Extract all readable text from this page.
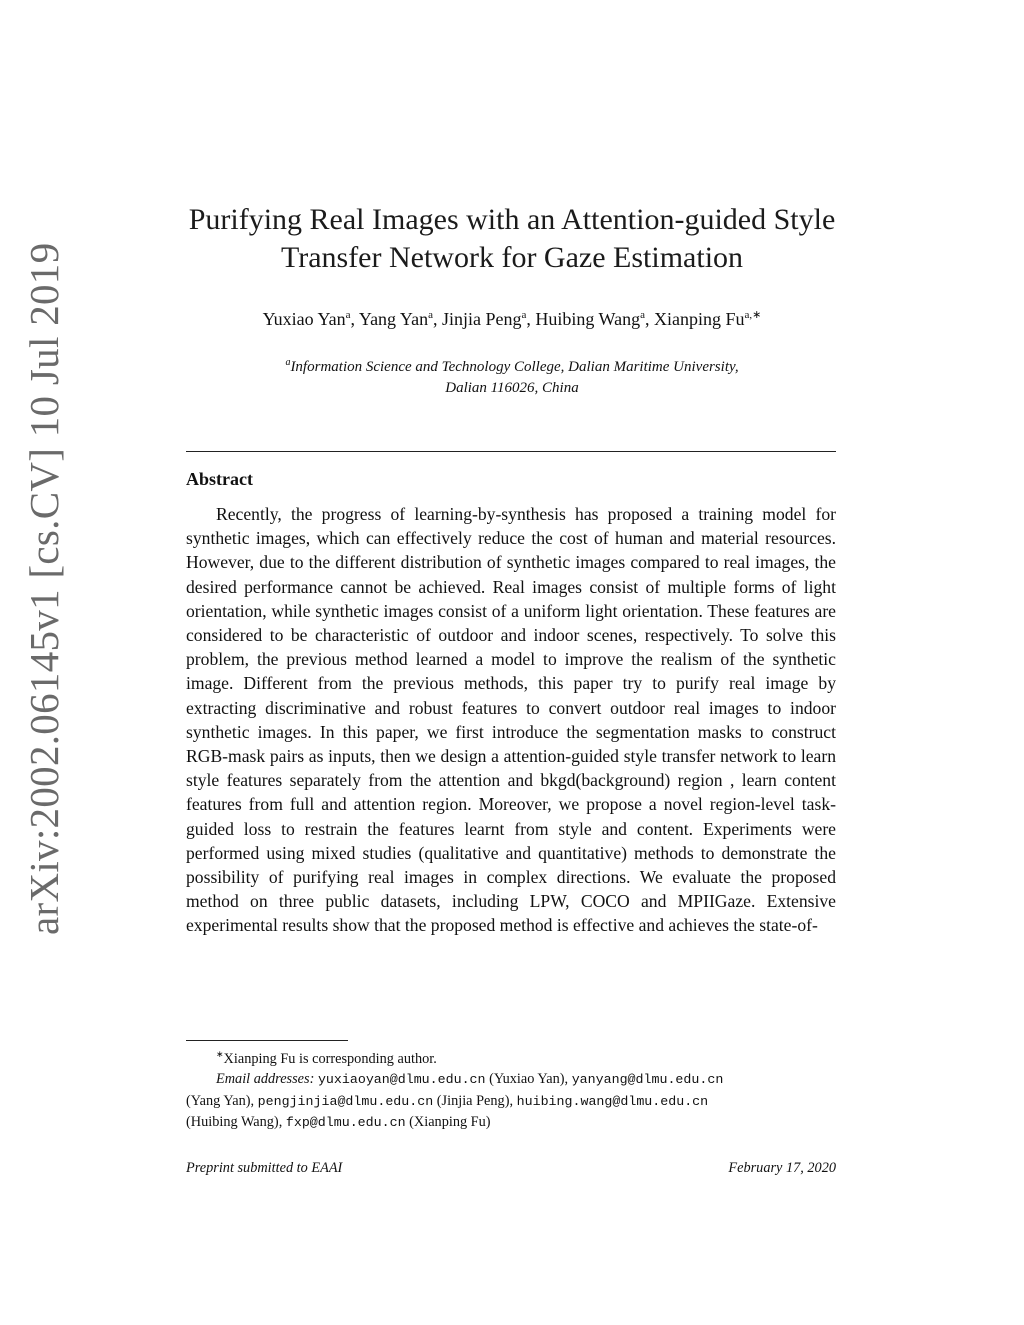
arXiv:2002.06145v1 [cs.CV] 10 Jul 2019
Purifying Real Images with an Attention-guided Style
Transfer Network for Gaze Estimation
Yuxiao Yan$^a$, Yang Yan$^a$, Jinjia Peng$^a$, Huibing Wang$^a$, Xianping $Fu^{a,∗}$
$^a$Information Science and Technology College, Dalian Maritime University,
Dalian 116026, China
Abstract

Recently, the progress of learning-by-synthesis has proposed a training model for synthetic images, which can effectively reduce the cost of human and material resources. However, due to the different distribution of synthetic images compared to real images, the desired performance cannot be achieved. Real images consist of multiple forms of light orientation, while synthetic images consist of a uniform light orientation. These features are considered to be characteristic of outdoor and indoor scenes, respectively. To solve this problem, the previous method learned a model to improve the realism of the synthetic image. Different from the previous methods, this paper try to purify real image by extracting discriminative and robust features to convert outdoor real images to indoor synthetic images. In this paper, we first introduce the segmentation masks to construct RGB-mask pairs as inputs, then we design a attention-guided style transfer network to learn style features separately from the attention and bkgd(background) region , learn content features from full and attention region. Moreover, we propose a novel region-level task-guided loss to restrain the features learnt from style and content. Experiments were performed using mixed studies (qualitative and quantitative) methods to demonstrate the possibility of purifying real images in complex directions. We evaluate the proposed method on three public datasets, including LPW, COCO and MPIIGaze. Extensive experimental results show that the proposed method is effective and achieves the state-of-

∗Xianping Fu is corresponding author.

Email addresses: yuxiaoyan@dlmu.edu.cn (Yuxiao Yan), yanyang@dlmu.edu.cn

(Yang Yan), pengjinjia@dlmu.edu.cn (Jinjia Peng), huibing.wang@dlmu.edu.cn

(Huibing Wang), fxp@dlmu.edu.cn (Xianping Fu)

Preprint submitted to EAAI	February 17, 2020
